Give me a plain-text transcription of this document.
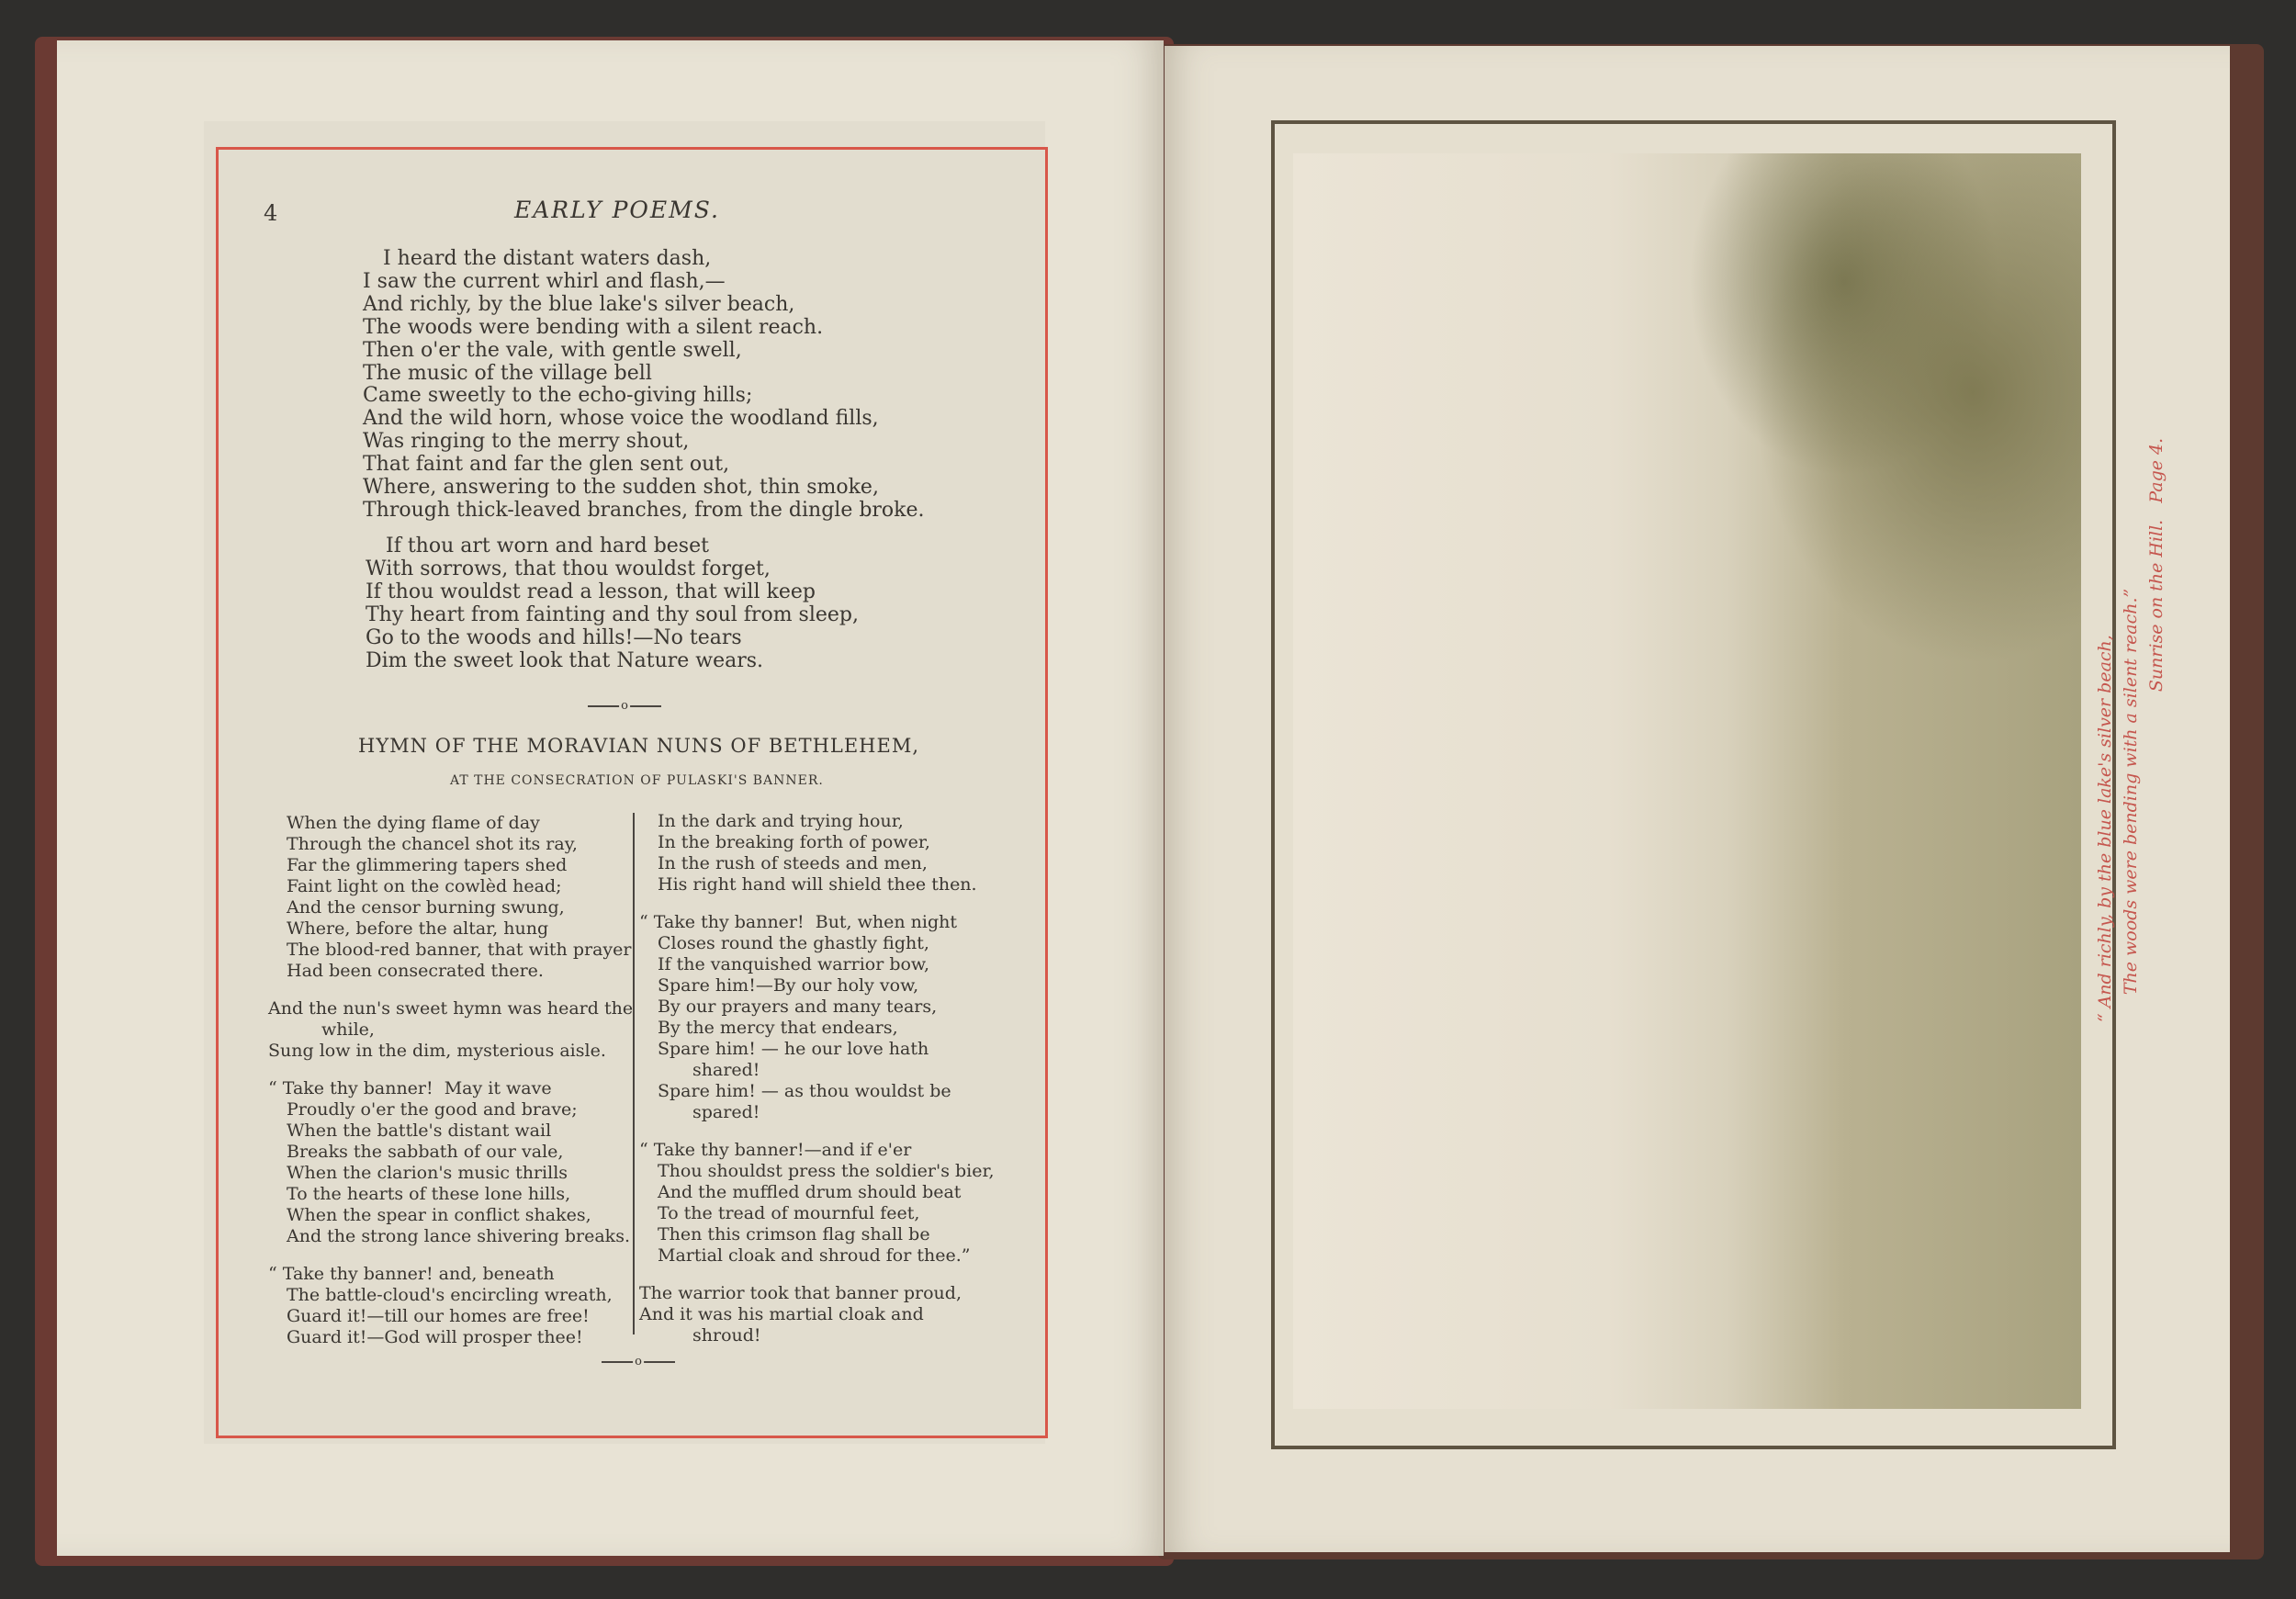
4	EARLY POEMS.
I heard the distant waters dash,
I saw the current whirl and flash,—
And richly, by the blue lake's silver beach,
The woods were bending with a silent reach.
Then o'er the vale, with gentle swell,
The music of the village bell
Came sweetly to the echo-giving hills;
And the wild horn, whose voice the woodland fills,
Was ringing to the merry shout,
That faint and far the glen sent out,
Where, answering to the sudden shot, thin smoke,
Through thick-leaved branches, from the dingle broke.
If thou art worn and hard beset
With sorrows, that thou wouldst forget,
If thou wouldst read a lesson, that will keep
Thy heart from fainting and thy soul from sleep,
Go to the woods and hills!—No tears
Dim the sweet look that Nature wears.
o
HYMN OF THE MORAVIAN NUNS OF BETHLEHEM,
AT THE CONSECRATION OF PULASKI'S BANNER.
When the dying flame of day
Through the chancel shot its ray,
Far the glimmering tapers shed
Faint light on the cowlèd head;
And the censor burning swung,
Where, before the altar, hung
The blood-red banner, that with prayer
Had been consecrated there.
And the nun's sweet hymn was heard the
while,
Sung low in the dim, mysterious aisle.
“ Take thy banner!  May it wave
Proudly o'er the good and brave;
When the battle's distant wail
Breaks the sabbath of our vale,
When the clarion's music thrills
To the hearts of these lone hills,
When the spear in conflict shakes,
And the strong lance shivering breaks.
“ Take thy banner! and, beneath
The battle-cloud's encircling wreath,
Guard it!—till our homes are free!
Guard it!—God will prosper thee!
In the dark and trying hour,
In the breaking forth of power,
In the rush of steeds and men,
His right hand will shield thee then.
“ Take thy banner!  But, when night
Closes round the ghastly fight,
If the vanquished warrior bow,
Spare him!—By our holy vow,
By our prayers and many tears,
By the mercy that endears,
Spare him! — he our love hath
shared!
Spare him! — as thou wouldst be
spared!
“ Take thy banner!—and if e'er
Thou shouldst press the soldier's bier,
And the muffled drum should beat
To the tread of mournful feet,
Then this crimson flag shall be
Martial cloak and shroud for thee.”
The warrior took that banner proud,
And it was his martial cloak and
shroud!
o
“ And richly, by the blue lake's silver beach, The woods were bending with a silent reach.”
Sunrise on the Hill.   Page 4.
